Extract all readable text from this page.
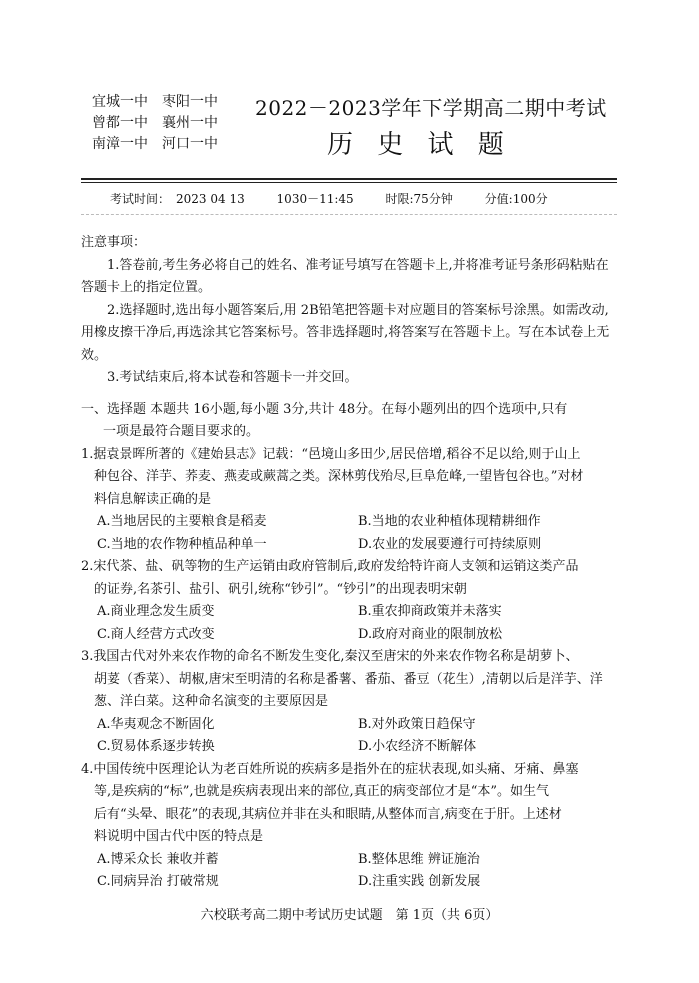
宜城一中　枣阳一中
曾都一中　襄州一中
南漳一中　河口一中
2022－2023学年下学期高二期中考试
历 史 试 题
考试时间：　2023 04 13	1030－11:45	时限:75分钟	分值:100分

注意事项：

1.答卷前,考生务必将自己的姓名、准考证号填写在答题卡上,并将准考证号条形码粘贴在答题卡上的指定位置。

2.选择题时,选出每小题答案后,用 2B铅笔把答题卡对应题目的答案标号涂黑。如需改动,用橡皮擦干净后,再选涂其它答案标号。答非选择题时,将答案写在答题卡上。写在本试卷上无效。

3.考试结束后,将本试卷和答题卡一并交回。

一、选择题 本题共 16小题,每小题 3分,共计 48分。在每小题列出的四个选项中,只有

一项是最符合题目要求的。

1.据袁景晖所著的《建始县志》记载：“邑境山多田少,居民倍增,稻谷不足以给,则于山上

种包谷、洋芋、荞麦、燕麦或蕨蒿之类。深林剪伐殆尽,巨阜危峰,一望皆包谷也。”对材

料信息解读正确的是

A.当地居民的主要粮食是稻麦	B.当地的农业种植体现精耕细作
C.当地的农作物种植品种单一	D.农业的发展要遵行可持续原则

2.宋代茶、盐、矾等物的生产运销由政府管制后,政府发给特许商人支领和运销这类产品

的证券,名茶引、盐引、矾引,统称“钞引”。“钞引”的出现表明宋朝

A.商业理念发生质变	B.重农抑商政策并未落实
C.商人经营方式改变	D.政府对商业的限制放松

3.我国古代对外来农作物的命名不断发生变化,秦汉至唐宋的外来农作物名称是胡萝卜、

胡荽（香菜）、胡椒,唐宋至明清的名称是番薯、番茄、番豆（花生）,清朝以后是洋芋、洋

葱、洋白菜。这种命名演变的主要原因是

A.华夷观念不断固化	B.对外政策日趋保守
C.贸易体系逐步转换	D.小农经济不断解体

4.中国传统中医理论认为老百姓所说的疾病多是指外在的症状表现,如头痛、牙痛、鼻塞

等,是疾病的“标”,也就是疾病表现出来的部位,真正的病变部位才是“本”。如生气

后有“头晕、眼花”的表现,其病位并非在头和眼睛,从整体而言,病变在于肝。上述材

料说明中国古代中医的特点是

A.博采众长 兼收并蓄	B.整体思维 辨证施治
C.同病异治 打破常规	D.注重实践 创新发展
六校联考高二期中考试历史试题　第 1页（共 6页）
